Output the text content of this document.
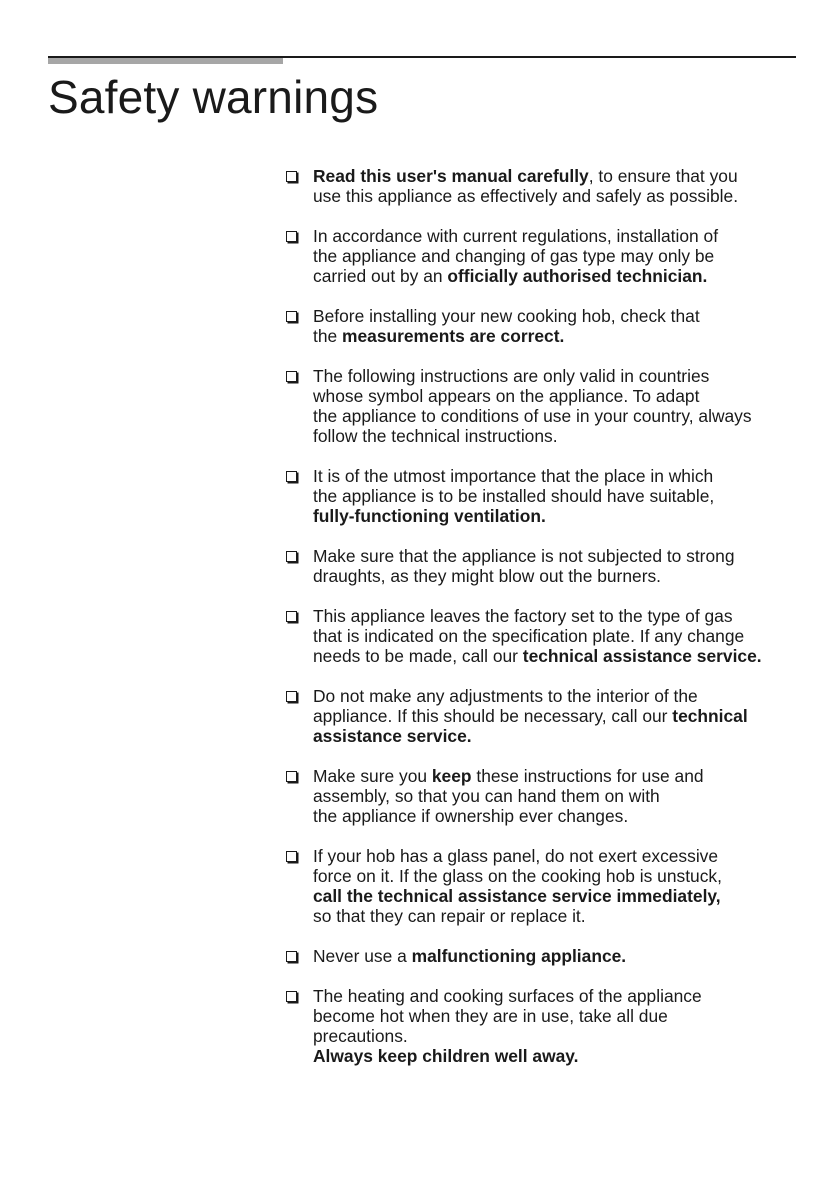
Safety warnings

Read this user's manual carefully, to ensure that you
use this appliance as effectively and safely as possible.

In accordance with current regulations, installation of
the appliance and changing of gas type may only be
carried out by an officially authorised technician.

Before installing your new cooking hob, check that
the measurements are correct.

The following instructions are only valid in countries
whose symbol appears on the appliance. To adapt
the appliance to conditions of use in your country, always
follow the technical instructions.

It is of the utmost importance that the place in which
the appliance is to be installed should have suitable,
fully-functioning ventilation.

Make sure that the appliance is not subjected to strong
draughts, as they might blow out the burners.

This appliance leaves the factory set to the type of gas
that is indicated on the specification plate. If any change
needs to be made, call our technical assistance service.

Do not make any adjustments to the interior of the
appliance. If this should be necessary, call our technical
assistance service.

Make sure you keep these instructions for use and
assembly, so that you can hand them on with
the appliance if ownership ever changes.

If your hob has a glass panel, do not exert excessive
force on it. If the glass on the cooking hob is unstuck,
call the technical assistance service immediately,
so that they can repair or replace it.

Never use a malfunctioning appliance.

The heating and cooking surfaces of the appliance
become hot when they are in use, take all due
precautions.
Always keep children well away.
